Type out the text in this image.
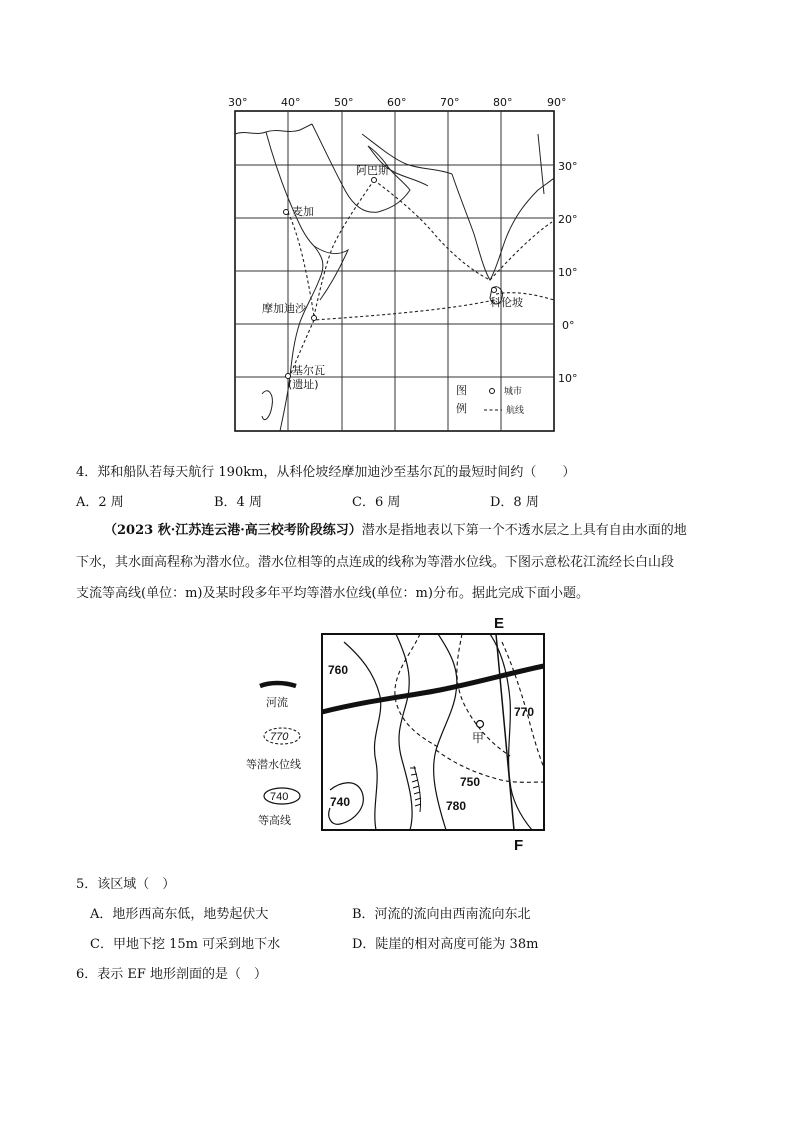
30°	40°	50°	60°	70°	80°	90°
30°
20°
10°
0°
10°
阿巴斯
麦加
摩加迪沙
基尔瓦
(遗址)
科伦坡
图
例
城市
航线
4．郑和船队若每天航行 190km，从科伦坡经摩加迪沙至基尔瓦的最短时间约（　　）
A．2 周	B．4 周	C．6 周	D．8 周
（2023 秋·江苏连云港·高三校考阶段练习）潜水是指地表以下第一个不透水层之上具有自由水面的地
下水，其水面高程称为潜水位。潜水位相等的点连成的线称为等潜水位线。下图示意松花江流经长白山段
支流等高线(单位：m)及某时段多年平均等潜水位线(单位：m)分布。据此完成下面小题。
E
F
760
770
750
780
740
甲
河流
770
等潜水位线
740
等高线
5．该区域（　）
A．地形西高东低，地势起伏大	B．河流的流向由西南流向东北
C．甲地下挖 15m 可采到地下水	D．陡崖的相对高度可能为 38m
6．表示 EF 地形剖面的是（　）
